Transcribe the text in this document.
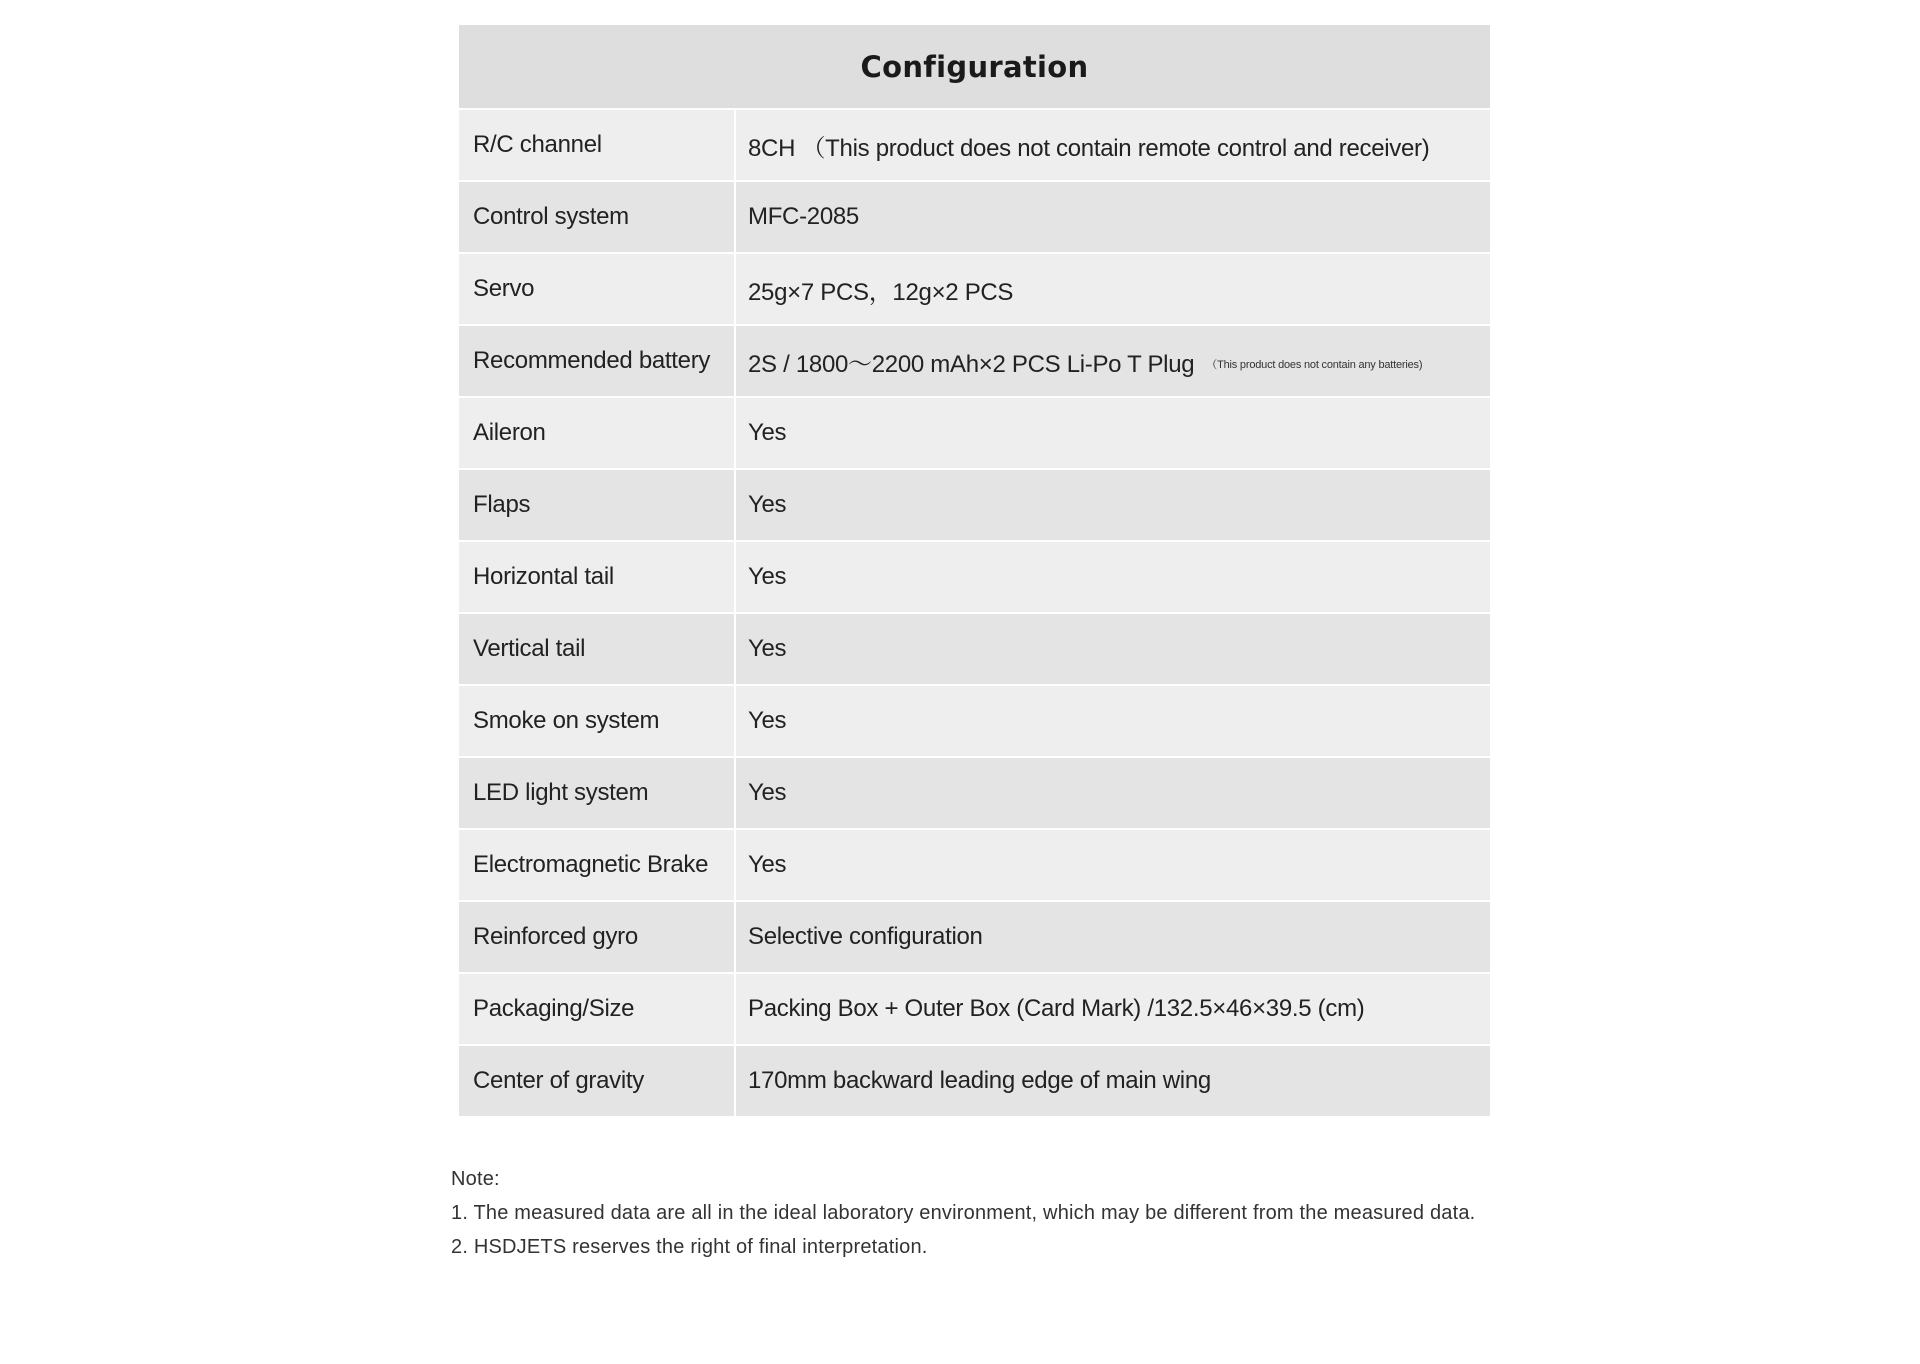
Configuration
R/C channel	8CH （This product does not contain remote control and receiver)
Control system	MFC-2085
Servo	25g×7 PCS，12g×2 PCS
Recommended battery	2S / 1800～2200 mAh×2 PCS Li-Po T Plug （This product does not contain any batteries)
Aileron	Yes
Flaps	Yes
Horizontal tail	Yes
Vertical tail	Yes
Smoke on system	Yes
LED light system	Yes
Electromagnetic Brake	Yes
Reinforced gyro	Selective configuration
Packaging/Size	Packing Box + Outer Box (Card Mark) /132.5×46×39.5 (cm)
Center of gravity	170mm backward leading edge of main wing
Note:
1. The measured data are all in the ideal laboratory environment, which may be different from the measured data.
2. HSDJETS reserves the right of final interpretation.
